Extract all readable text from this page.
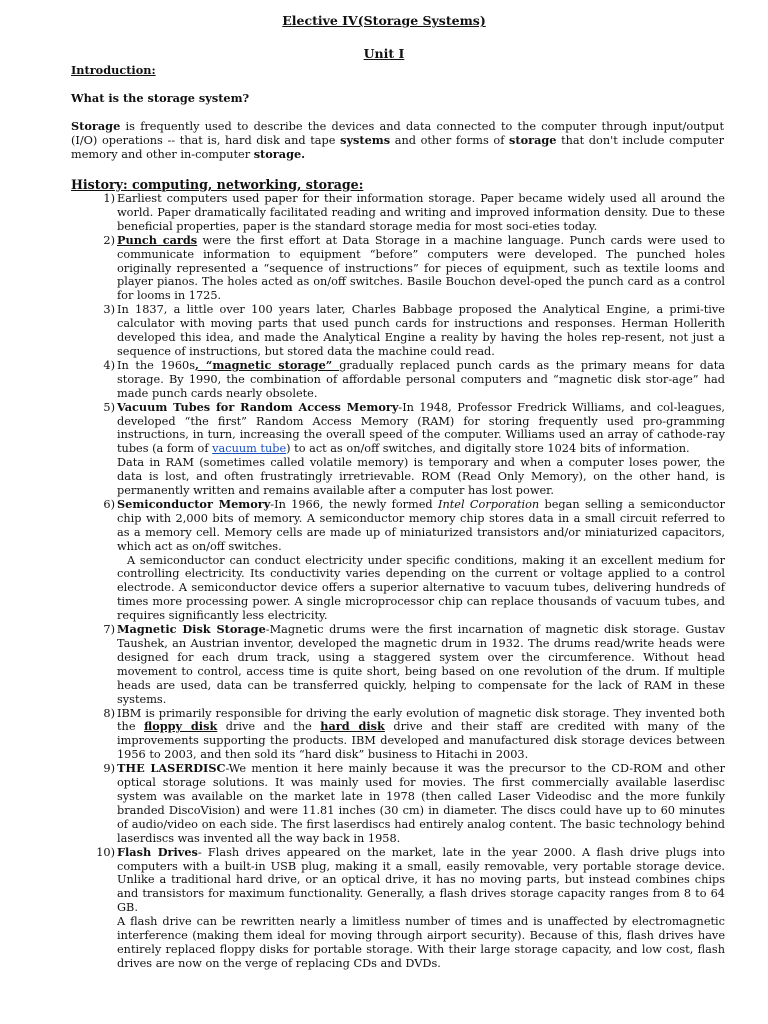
Elective IV(Storage Systems)
Unit I
Introduction:
What is the storage system?
Storage is frequently used to describe the devices and data connected to the computer through input/output (I/O) operations -- that is, hard disk and tape systems and other forms of storage that don't include computer memory and other in-computer storage.
History: computing, networking, storage:
1) Earliest computers used paper for their information storage. Paper became widely used all around the world. Paper dramatically facilitated reading and writing and improved information density. Due to these beneficial properties, paper is the standard storage media for most soci-eties today.
2) Punch cards were the first effort at Data Storage in a machine language. Punch cards were used to communicate information to equipment “before” computers were developed. The punched holes originally represented a “sequence of instructions” for pieces of equipment, such as textile looms and player pianos. The holes acted as on/off switches. Basile Bouchon devel-oped the punch card as a control for looms in 1725.
3) In 1837, a little over 100 years later, Charles Babbage proposed the Analytical Engine, a primi-tive calculator with moving parts that used punch cards for instructions and responses. Herman Hollerith developed this idea, and made the Analytical Engine a reality by having the holes rep-resent, not just a sequence of instructions, but stored data the machine could read.
4) In the 1960s, “magnetic storage” gradually replaced punch cards as the primary means for data storage. By 1990, the combination of affordable personal computers and “magnetic disk stor-age” had made punch cards nearly obsolete.
5) Vacuum Tubes for Random Access Memory-In 1948, Professor Fredrick Williams, and col-leagues, developed “the first” Random Access Memory (RAM) for storing frequently used pro-gramming instructions, in turn, increasing the overall speed of the computer. Williams used an array of cathode-ray tubes (a form of vacuum tube) to act as on/off switches, and digitally store 1024 bits of information.
Data in RAM (sometimes called volatile memory) is temporary and when a computer loses power, the data is lost, and often frustratingly irretrievable. ROM (Read Only Memory), on the other hand, is permanently written and remains available after a computer has lost power.
6) Semiconductor Memory-In 1966, the newly formed Intel Corporation began selling a semiconductor chip with 2,000 bits of memory. A semiconductor memory chip stores data in a small circuit referred to as a memory cell. Memory cells are made up of miniaturized transistors and/or miniaturized capacitors, which act as on/off switches.
A semiconductor can conduct electricity under specific conditions, making it an excellent medium for controlling electricity. Its conductivity varies depending on the current or voltage applied to a control electrode. A semiconductor device offers a superior alternative to vacuum tubes, delivering hundreds of times more processing power. A single microprocessor chip can replace thousands of vacuum tubes, and requires significantly less electricity.
7) Magnetic Disk Storage-Magnetic drums were the first incarnation of magnetic disk storage. Gustav Taushek, an Austrian inventor, developed the magnetic drum in 1932. The drums read/write heads were designed for each drum track, using a staggered system over the circumference. Without head movement to control, access time is quite short, being based on one revolution of the drum. If multiple heads are used, data can be transferred quickly, helping to compensate for the lack of RAM in these systems.
8) IBM is primarily responsible for driving the early evolution of magnetic disk storage. They invented both the floppy disk drive and the hard disk drive and their staff are credited with many of the improvements supporting the products. IBM developed and manufactured disk storage devices between 1956 to 2003, and then sold its “hard disk” business to Hitachi in 2003.
9) THE LASERDISC-We mention it here mainly because it was the precursor to the CD-ROM and other optical storage solutions. It was mainly used for movies. The first commercially available laserdisc system was available on the market late in 1978 (then called Laser Videodisc and the more funkily branded DiscoVision) and were 11.81 inches (30 cm) in diameter. The discs could have up to 60 minutes of audio/video on each side. The first laserdiscs had entirely analog content. The basic technology behind laserdiscs was invented all the way back in 1958.
10) Flash Drives- Flash drives appeared on the market, late in the year 2000. A flash drive plugs into computers with a built-in USB plug, making it a small, easily removable, very portable storage device. Unlike a traditional hard drive, or an optical drive, it has no moving parts, but instead combines chips and transistors for maximum functionality. Generally, a flash drives storage capacity ranges from 8 to 64 GB.
A flash drive can be rewritten nearly a limitless number of times and is unaffected by electromagnetic interference (making them ideal for moving through airport security). Because of this, flash drives have entirely replaced floppy disks for portable storage. With their large storage capacity, and low cost, flash drives are now on the verge of replacing CDs and DVDs.
